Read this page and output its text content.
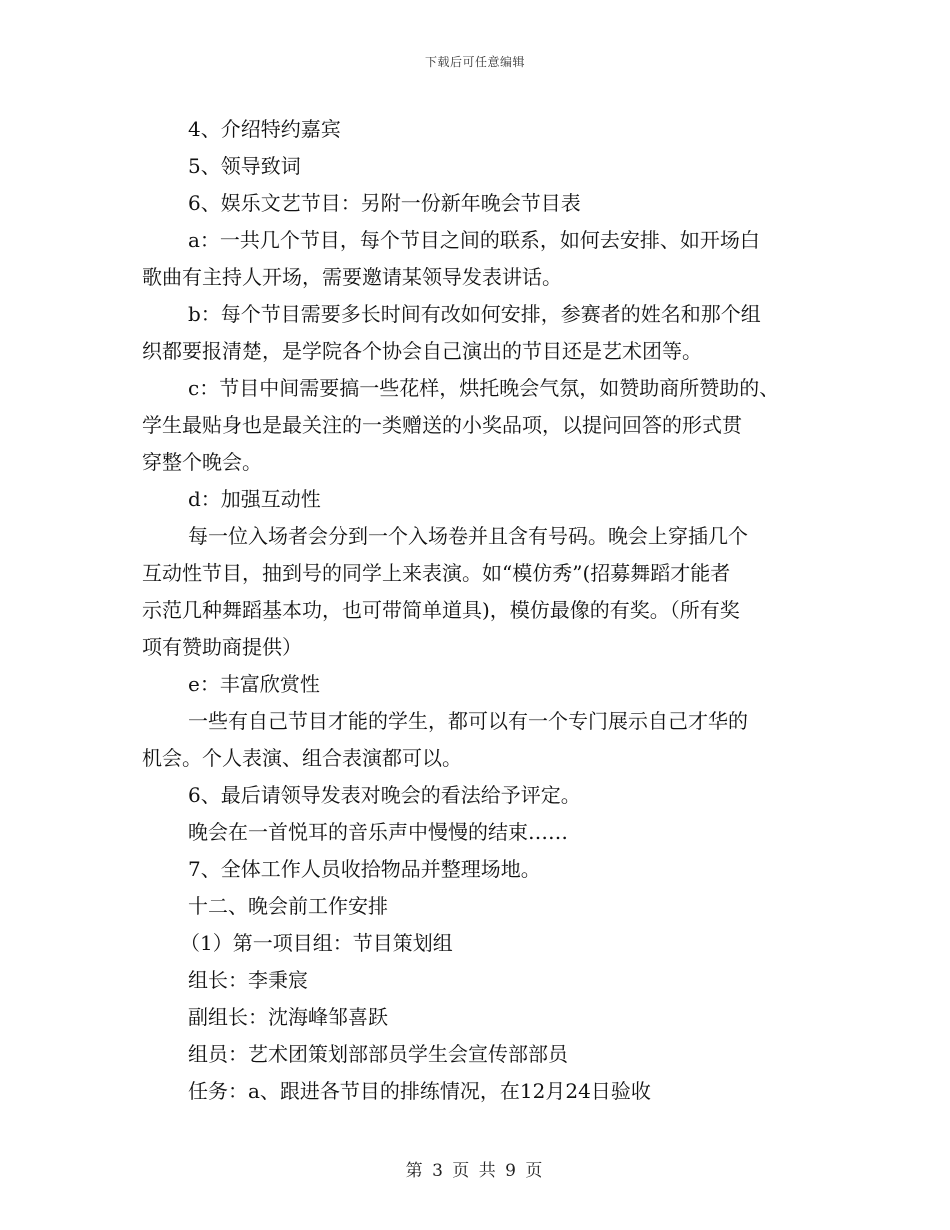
下载后可任意编辑
4、介绍特约嘉宾
5、领导致词
6、娱乐文艺节目：另附一份新年晚会节目表
a：一共几个节目，每个节目之间的联系，如何去安排、如开场白
歌曲有主持人开场，需要邀请某领导发表讲话。
b：每个节目需要多长时间有改如何安排，参赛者的姓名和那个组
织都要报清楚，是学院各个协会自己演出的节目还是艺术团等。
c：节目中间需要搞一些花样，烘托晚会气氛，如赞助商所赞助的、
学生最贴身也是最关注的一类赠送的小奖品项，以提问回答的形式贯
穿整个晚会。
d：加强互动性
每一位入场者会分到一个入场卷并且含有号码。晚会上穿插几个
互动性节目，抽到号的同学上来表演。如“模仿秀”(招募舞蹈才能者
示范几种舞蹈基本功，也可带简单道具)，模仿最像的有奖。（所有奖
项有赞助商提供）
e：丰富欣赏性
一些有自己节目才能的学生，都可以有一个专门展示自己才华的
机会。个人表演、组合表演都可以。
6、最后请领导发表对晚会的看法给予评定。
晚会在一首悦耳的音乐声中慢慢的结束……
7、全体工作人员收拾物品并整理场地。
十二、晚会前工作安排
（1）第一项目组：节目策划组
组长：李秉宸
副组长：沈海峰邹喜跃
组员：艺术团策划部部员学生会宣传部部员
任务：a、跟进各节目的排练情况，在12月24日验收
第 3 页 共 9 页
